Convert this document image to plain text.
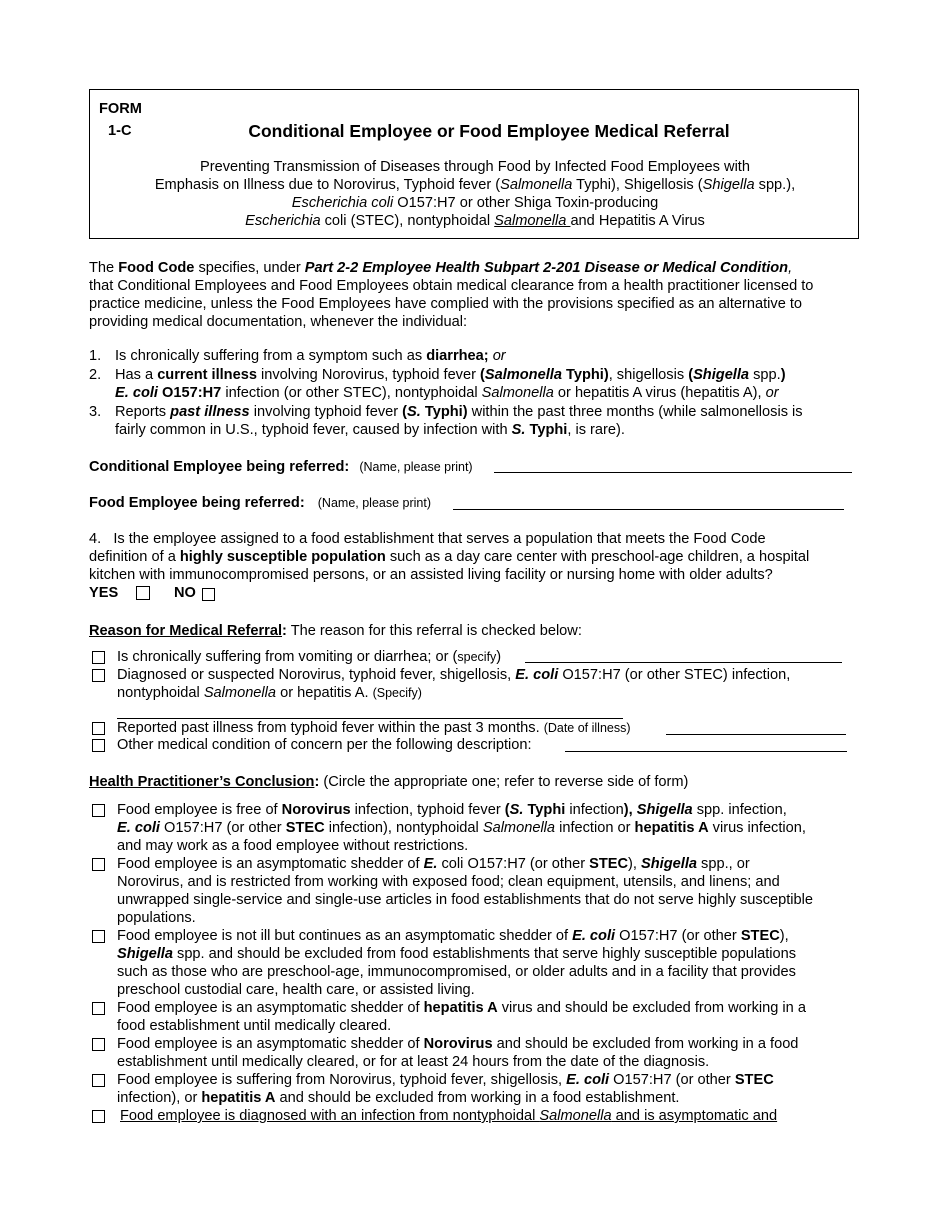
FORM
1-C	Conditional Employee or Food Employee Medical Referral
Preventing Transmission of Diseases through Food by Infected Food Employees with
Emphasis on Illness due to Norovirus, Typhoid fever (Salmonella Typhi), Shigellosis (Shigella spp.),
Escherichia coli O157:H7 or other Shiga Toxin-producing
Escherichia coli (STEC), nontyphoidal Salmonella and Hepatitis A Virus
The Food Code specifies, under Part 2-2 Employee Health Subpart 2-201 Disease or Medical Condition,
that Conditional Employees and Food Employees obtain medical clearance from a health practitioner licensed to
practice medicine, unless the Food Employees have complied with the provisions specified as an alternative to
providing medical documentation, whenever the individual:
1. Is chronically suffering from a symptom such as diarrhea; or
2. Has a current illness involving Norovirus, typhoid fever (Salmonella Typhi), shigellosis (Shigella spp.)
E. coli O157:H7 infection (or other STEC), nontyphoidal Salmonella or hepatitis A virus (hepatitis A), or
3. Reports past illness involving typhoid fever (S. Typhi) within the past three months (while salmonellosis is
fairly common in U.S., typhoid fever, caused by infection with S. Typhi, is rare).
Conditional Employee being referred: (Name, please print)
Food Employee being referred: (Name, please print)
4. Is the employee assigned to a food establishment that serves a population that meets the Food Code
definition of a highly susceptible population such as a day care center with preschool-age children, a hospital
kitchen with immunocompromised persons, or an assisted living facility or nursing home with older adults?
YES	NO
Reason for Medical Referral: The reason for this referral is checked below:
Is chronically suffering from vomiting or diarrhea; or (specify)
Diagnosed or suspected Norovirus, typhoid fever, shigellosis, E. coli O157:H7 (or other STEC) infection,
nontyphoidal Salmonella or hepatitis A. (Specify)
Reported past illness from typhoid fever within the past 3 months. (Date of illness)
Other medical condition of concern per the following description:
Health Practitioner’s Conclusion: (Circle the appropriate one; refer to reverse side of form)
Food employee is free of Norovirus infection, typhoid fever (S. Typhi infection), Shigella spp. infection,
E. coli O157:H7 (or other STEC infection), nontyphoidal Salmonella infection or hepatitis A virus infection,
and may work as a food employee without restrictions.
Food employee is an asymptomatic shedder of E. coli O157:H7 (or other STEC), Shigella spp., or
Norovirus, and is restricted from working with exposed food; clean equipment, utensils, and linens; and
unwrapped single-service and single-use articles in food establishments that do not serve highly susceptible
populations.
Food employee is not ill but continues as an asymptomatic shedder of E. coli O157:H7 (or other STEC),
Shigella spp. and should be excluded from food establishments that serve highly susceptible populations
such as those who are preschool-age, immunocompromised, or older adults and in a facility that provides
preschool custodial care, health care, or assisted living.
Food employee is an asymptomatic shedder of hepatitis A virus and should be excluded from working in a
food establishment until medically cleared.
Food employee is an asymptomatic shedder of Norovirus and should be excluded from working in a food
establishment until medically cleared, or for at least 24 hours from the date of the diagnosis.
Food employee is suffering from Norovirus, typhoid fever, shigellosis, E. coli O157:H7 (or other STEC
infection), or hepatitis A and should be excluded from working in a food establishment.
Food employee is diagnosed with an infection from nontyphoidal Salmonella and is asymptomatic and
